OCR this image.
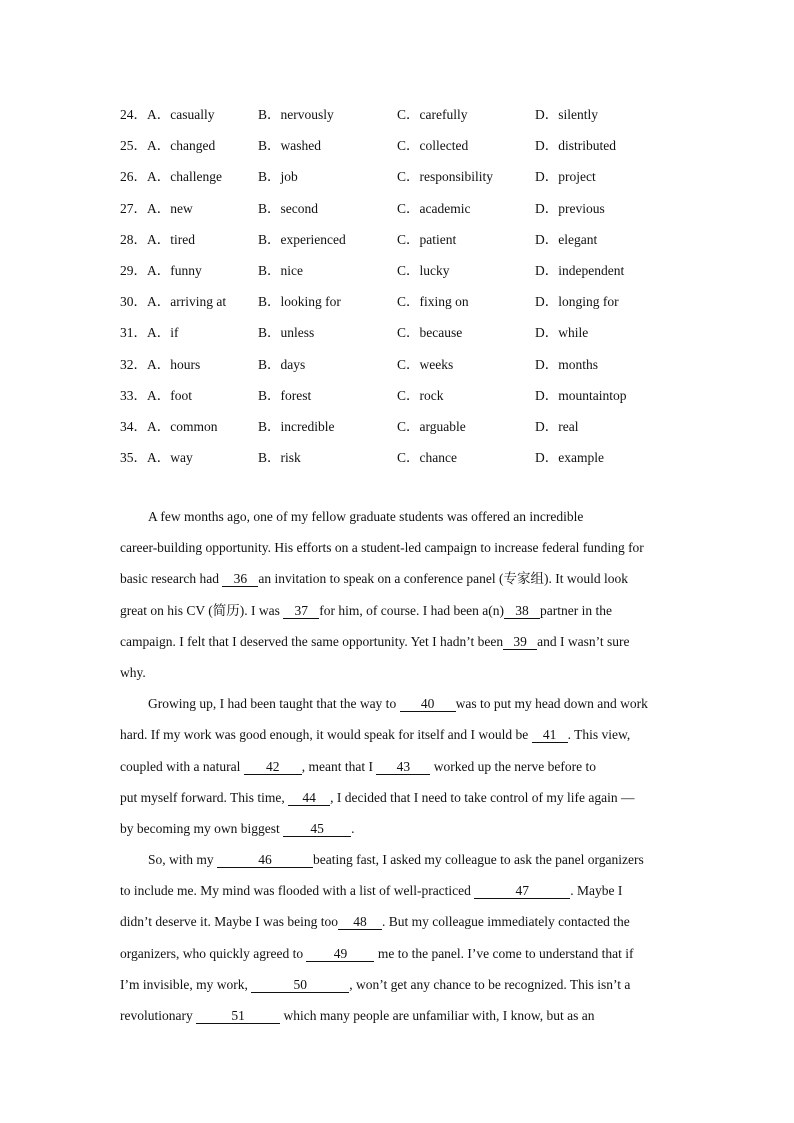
24．A．casually	B．nervously	C．carefully	D．silently
25．A．changed	B．washed	C．collected	D．distributed
26．A．challenge	B．job	C．responsibility	D．project
27．A．new	B．second	C．academic	D．previous
28．A．tired	B．experienced	C．patient	D．elegant
29．A．funny	B．nice	C．lucky	D．independent
30．A．arriving at B．looking for	C．fixing on	D．longing for
31．A．if	B．unless	C．because	D．while
32．A．hours	B．days	C．weeks	D．months
33．A．foot	B．forest	C．rock	D．mountaintop
34．A．common	B．incredible	C．arguable	D．real
35．A．way	B．risk	C．chance	D．example
A few months ago, one of my fellow graduate students was offered an incredible
career-building opportunity. His efforts on a student-led campaign to increase federal funding for
basic research had 36 an invitation to speak on a conference panel (专家组). It would look
great on his CV (简历). I was 37 for him, of course. I had been a(n) 38 partner in the
campaign. I felt that I deserved the same opportunity. Yet I hadn’t been 39 and I wasn’t sure
why.
Growing up, I had been taught that the way to 40 was to put my head down and work
hard. If my work was good enough, it would speak for itself and I would be 41 . This view,
coupled with a natural 42 , meant that I 43 worked up the nerve before to
put myself forward. This time, 44 , I decided that I need to take control of my life again —
by becoming my own biggest 45 .
So, with my	46	beating fast, I asked my colleague to ask the panel organizers
to include me. My mind was flooded with a list of well-practiced	47	. Maybe I
didn’t deserve it. Maybe I was being too 48 . But my colleague immediately contacted the
organizers, who quickly agreed to 49 me to the panel. I’ve come to understand that if
I’m invisible, my work,	50	, won’t get any chance to be recognized. This isn’t a
revolutionary	51	which many people are unfamiliar with, I know, but as an
